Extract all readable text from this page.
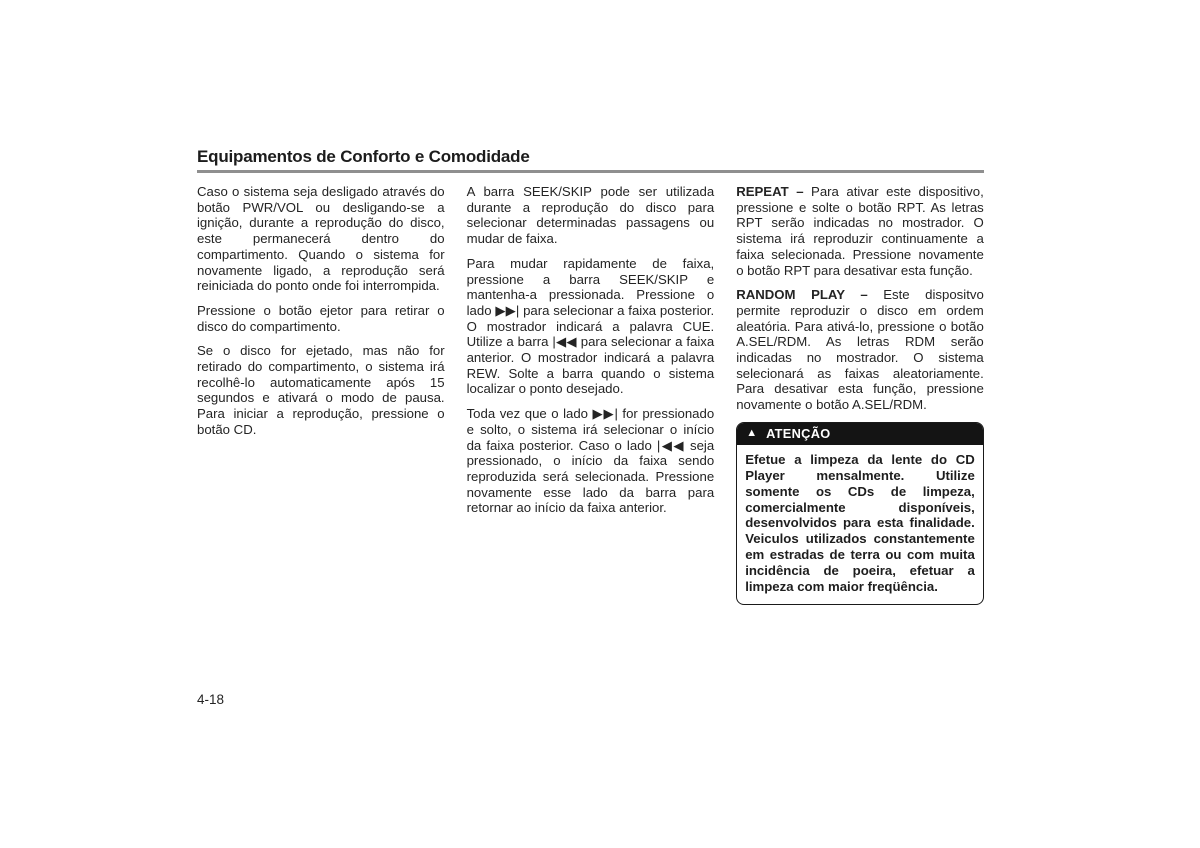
Equipamentos de Conforto e Comodidade

Caso o sistema seja desligado através do botão PWR/VOL ou desligando-se a ignição, durante a reprodução do disco, este permanecerá dentro do compartimento. Quando o sistema for novamente ligado, a reprodução será reiniciada do ponto onde foi interrompida.

Pressione o botão ejetor para retirar o disco do compartimento.

Se o disco for ejetado, mas não for retirado do compartimento, o sistema irá recolhê-lo automaticamente após 15 segundos e ativará o modo de pausa. Para iniciar a reprodução, pressione o botão CD.

A barra SEEK/SKIP pode ser utilizada durante a reprodução do disco para selecionar determinadas passagens ou mudar de faixa.

Para mudar rapidamente de faixa, pressione a barra SEEK/SKIP e mantenha-a pressionada. Pressione o lado ▶▶| para selecionar a faixa posterior. O mostrador indicará a palavra CUE. Utilize a barra |◀◀ para selecionar a faixa anterior. O mostrador indicará a palavra REW. Solte a barra quando o sistema localizar o ponto desejado.

Toda vez que o lado ▶▶| for pressionado e solto, o sistema irá selecionar o início da faixa posterior. Caso o lado |◀◀ seja pressionado, o início da faixa sendo reproduzida será selecionada. Pressione novamente esse lado da barra para retornar ao início da faixa anterior.

REPEAT – Para ativar este dispositivo, pressione e solte o botão RPT. As letras RPT serão indicadas no mostrador. O sistema irá reproduzir continuamente a faixa selecionada. Pressione novamente o botão RPT para desativar esta função.

RANDOM PLAY – Este dispositvo permite reproduzir o disco em ordem aleatória. Para ativá-lo, pressione o botão A.SEL/RDM. As letras RDM serão indicadas no mostrador. O sistema selecionará as faixas aleatoriamente. Para desativar esta função, pressione novamente o botão A.SEL/RDM.

▲ ATENÇÃO
Efetue a limpeza da lente do CD Player mensalmente. Utilize somente os CDs de limpeza, comercialmente disponíveis, desenvolvidos para esta finalidade. Veiculos utilizados constantemente em estradas de terra ou com muita incidência de poeira, efetuar a limpeza com maior freqüência.
4-18
